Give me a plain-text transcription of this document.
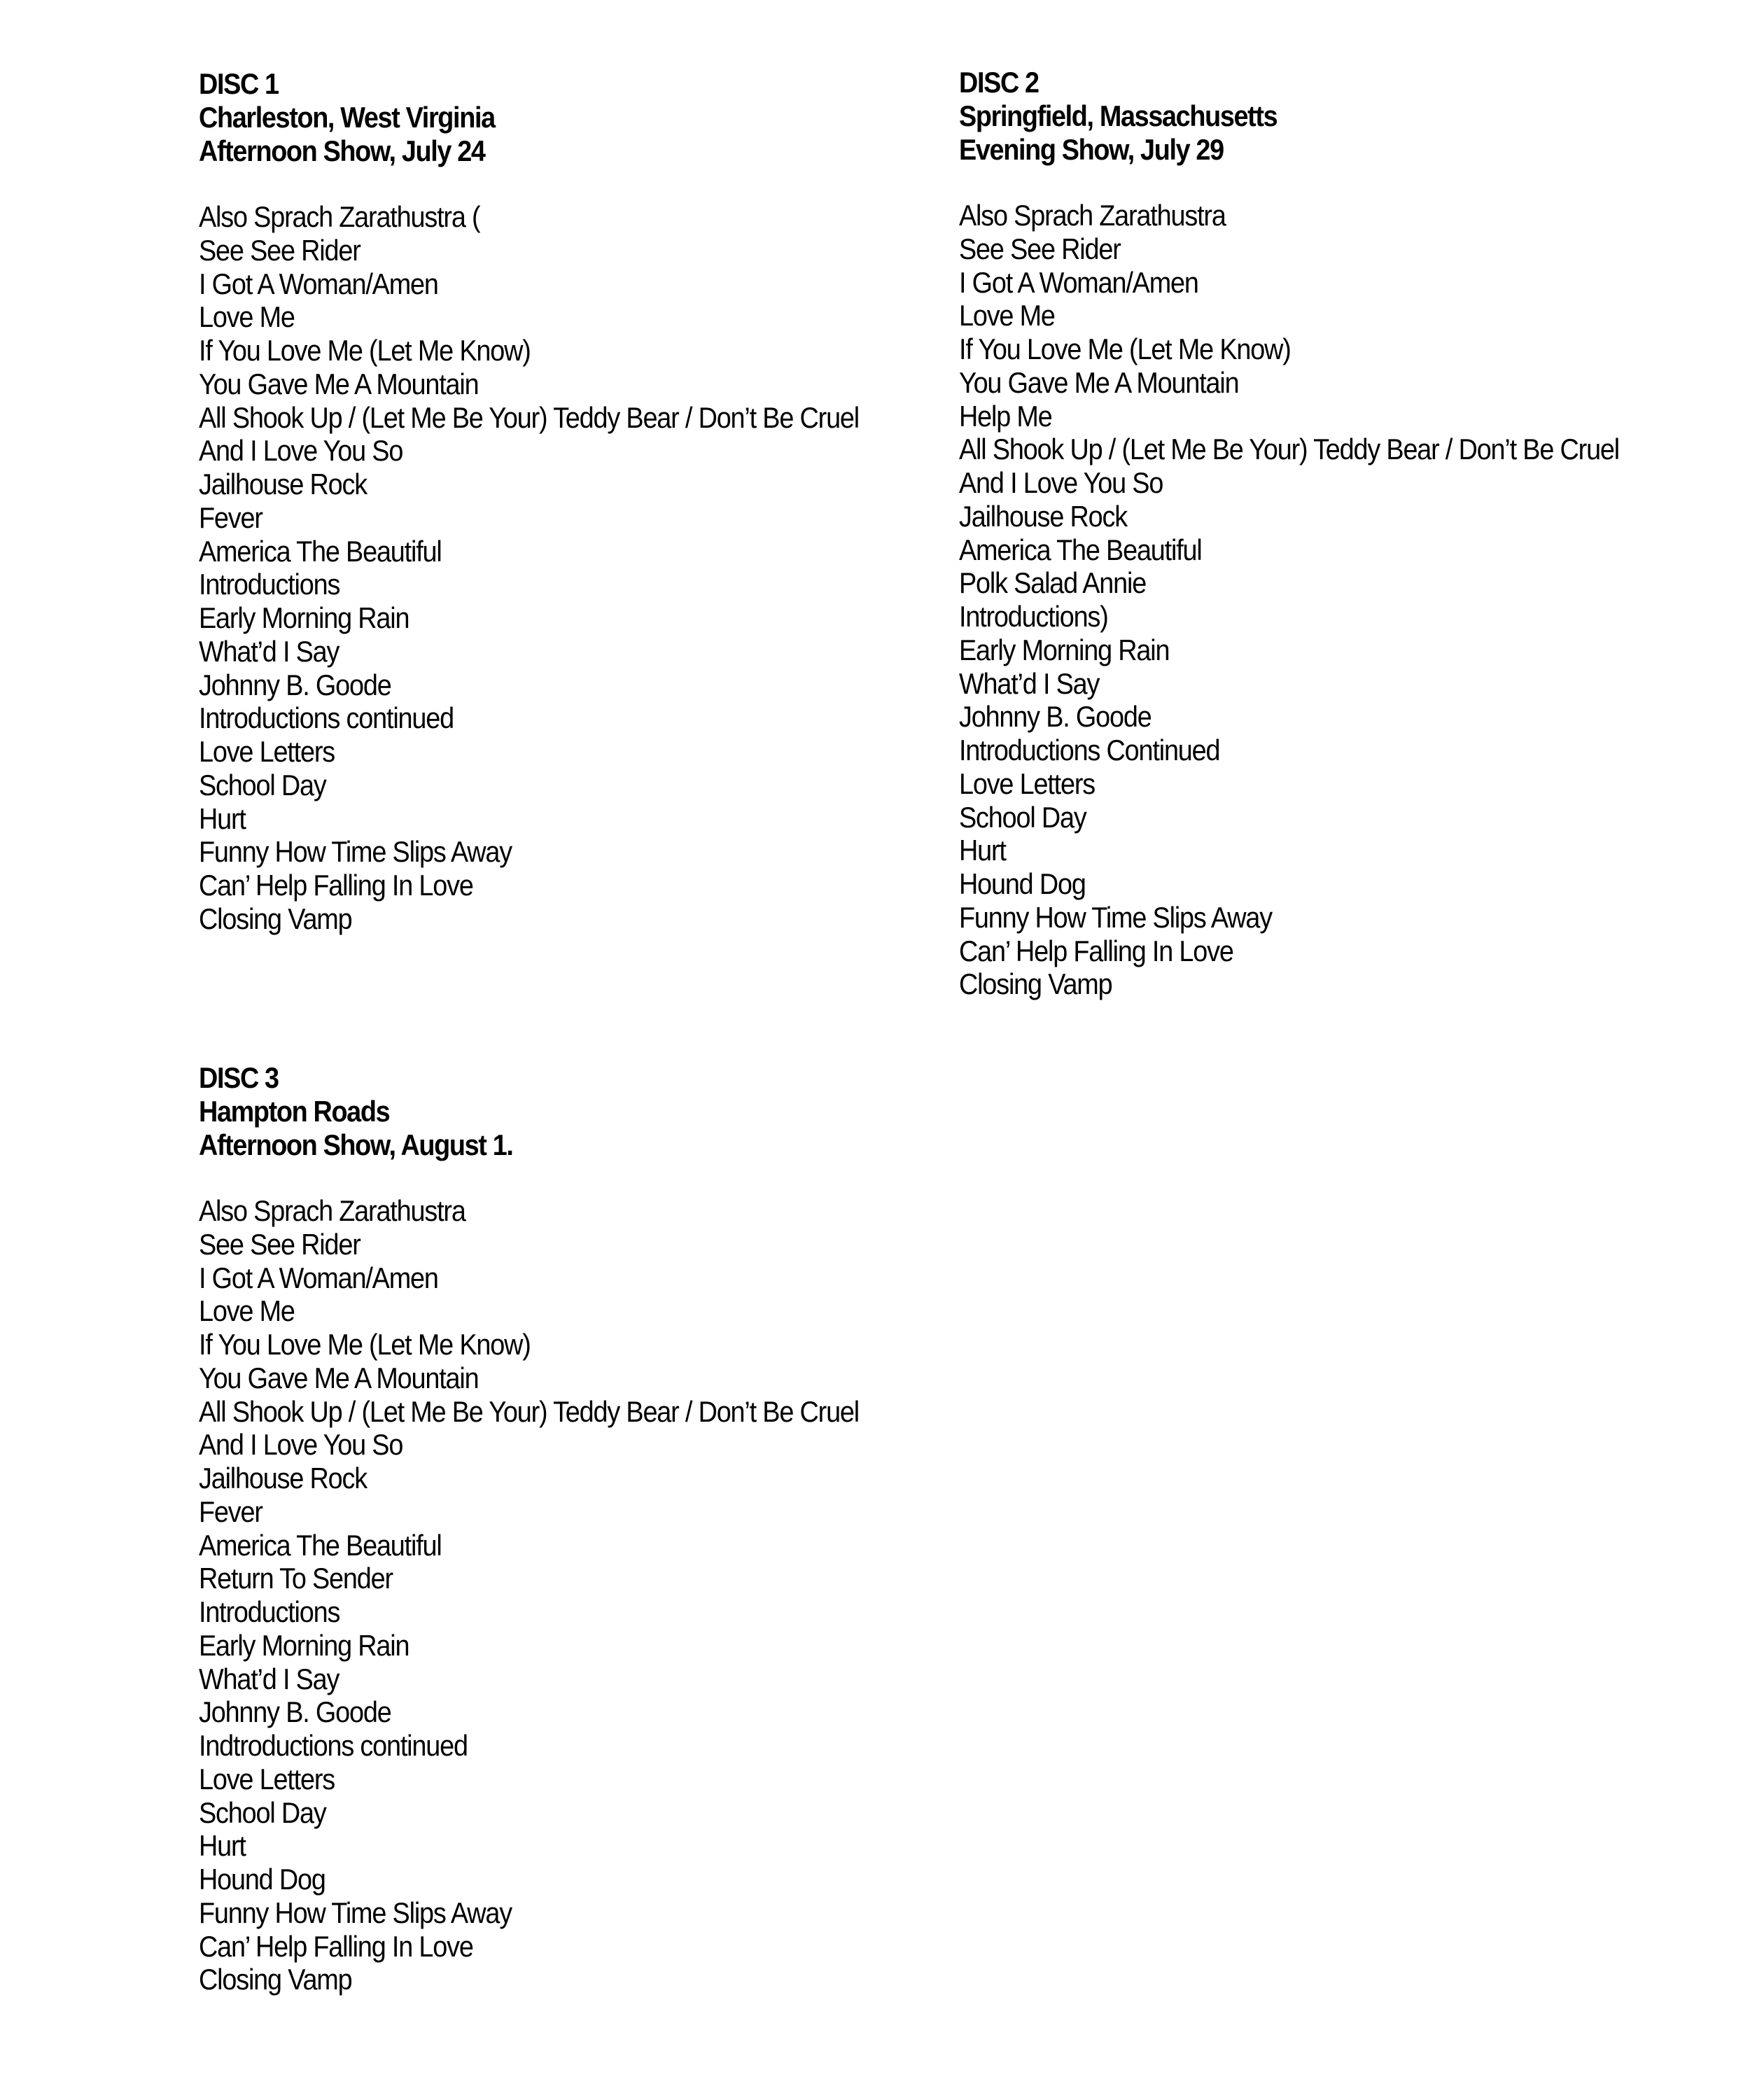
DISC 1
Charleston, West Virginia
Afternoon Show, July 24
Also Sprach Zarathustra (
See See Rider
I Got A Woman/Amen
Love Me
If You Love Me (Let Me Know)
You Gave Me A Mountain
All Shook Up / (Let Me Be Your) Teddy Bear / Don’t Be Cruel
And I Love You So
Jailhouse Rock
Fever
America The Beautiful
Introductions
Early Morning Rain
What’d I Say
Johnny B. Goode
Introductions continued
Love Letters
School Day
Hurt
Funny How Time Slips Away
Can’ Help Falling In Love
Closing Vamp
DISC 2
Springfield, Massachusetts
Evening Show, July 29
Also Sprach Zarathustra
See See Rider
I Got A Woman/Amen
Love Me
If You Love Me (Let Me Know)
You Gave Me A Mountain
Help Me
All Shook Up / (Let Me Be Your) Teddy Bear / Don’t Be Cruel
And I Love You So
Jailhouse Rock
America The Beautiful
Polk Salad Annie
Introductions)
Early Morning Rain
What’d I Say
Johnny B. Goode
Introductions Continued
Love Letters
School Day
Hurt
Hound Dog
Funny How Time Slips Away
Can’ Help Falling In Love
Closing Vamp
DISC 3
Hampton Roads
Afternoon Show, August 1.
Also Sprach Zarathustra
See See Rider
I Got A Woman/Amen
Love Me
If You Love Me (Let Me Know)
You Gave Me A Mountain
All Shook Up / (Let Me Be Your) Teddy Bear / Don’t Be Cruel
And I Love You So
Jailhouse Rock
Fever
America The Beautiful
Return To Sender
Introductions
Early Morning Rain
What’d I Say
Johnny B. Goode
Indtroductions continued
Love Letters
School Day
Hurt
Hound Dog
Funny How Time Slips Away
Can’ Help Falling In Love
Closing Vamp
